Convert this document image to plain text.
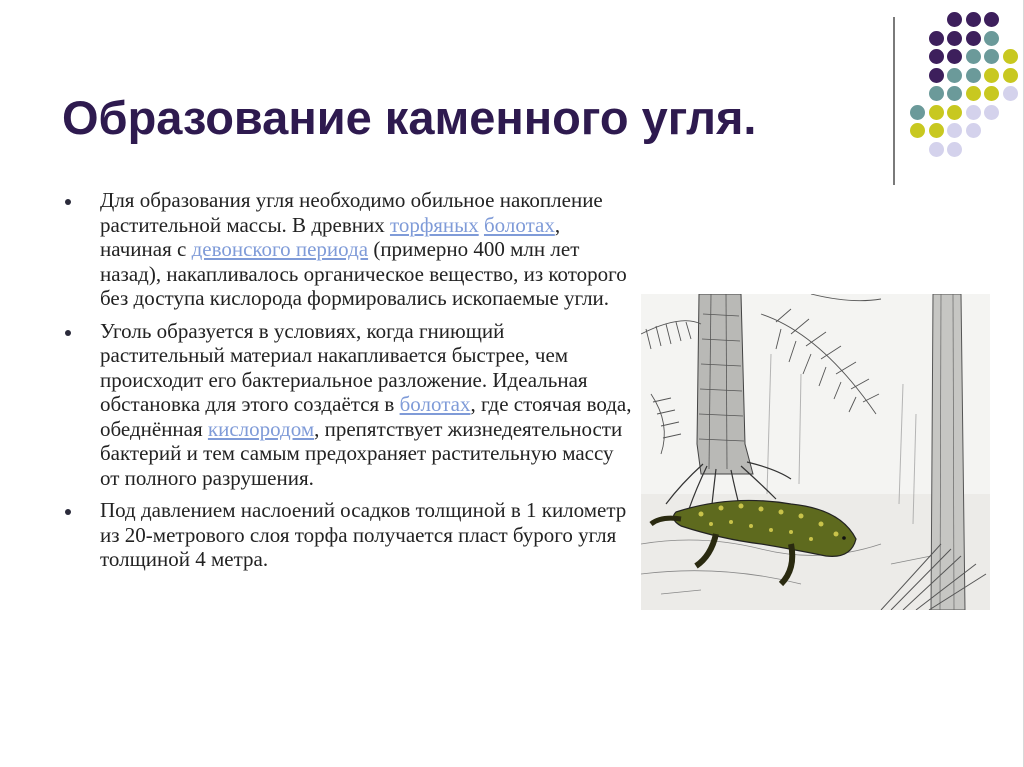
Образование каменного угля.
Для образования угля необходимо обильное накопление растительной массы. В древних торфяных болотах, начиная с девонского периода (примерно 400 млн лет назад), накапливалось органическое вещество, из которого без доступа кислорода формировались ископаемые угли.
Уголь образуется в условиях, когда гниющий растительный материал накапливается быстрее, чем происходит его бактериальное разложение. Идеальная обстановка для этого создаётся в болотах, где стоячая вода, обеднённая кислородом, препятствует жизнедеятельности бактерий и тем самым предохраняет растительную массу от полного разрушения.
Под давлением наслоений осадков толщиной в 1 километр из 20-метрового слоя торфа получается пласт бурого угля толщиной 4 метра.
